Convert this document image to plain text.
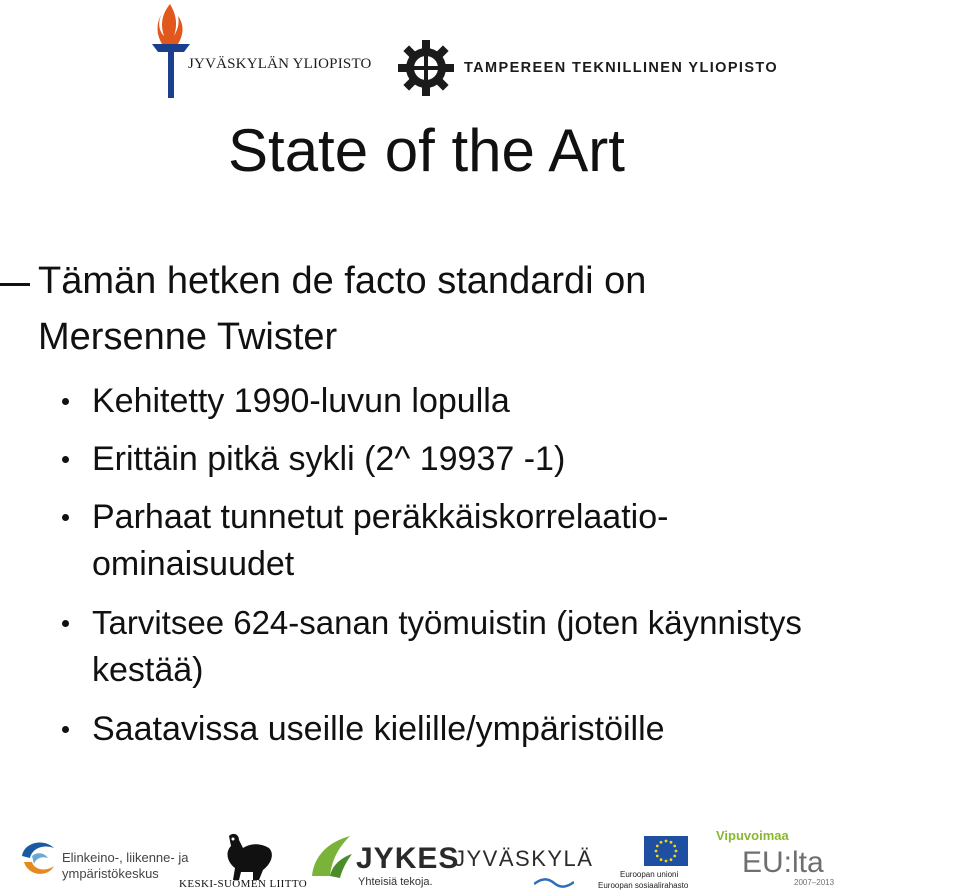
JYVÄSKYLÄN YLIOPISTO	TAMPEREEN TEKNILLINEN YLIOPISTO
State of the Art
Tämän hetken de facto standardi on
Mersenne Twister
Kehitetty 1990-luvun lopulla
Erittäin pitkä sykli (2^ 19937 -1)
Parhaat tunnetut peräkkäiskorrelaatio-
ominaisuudet
Tarvitsee 624-sanan työmuistin (joten käynnistys
kestää)
Saatavissa useille kielille/ympäristöille
Elinkeino-, liikenne- ja
ympäristökeskus
KESKI-SUOMEN LIITTO
JYKES
Yhteisiä tekoja.
JYVÄSKYLÄ
Euroopan unioni
Euroopan sosiaalirahasto
Vipuvoimaa
EU:lta
2007–2013
